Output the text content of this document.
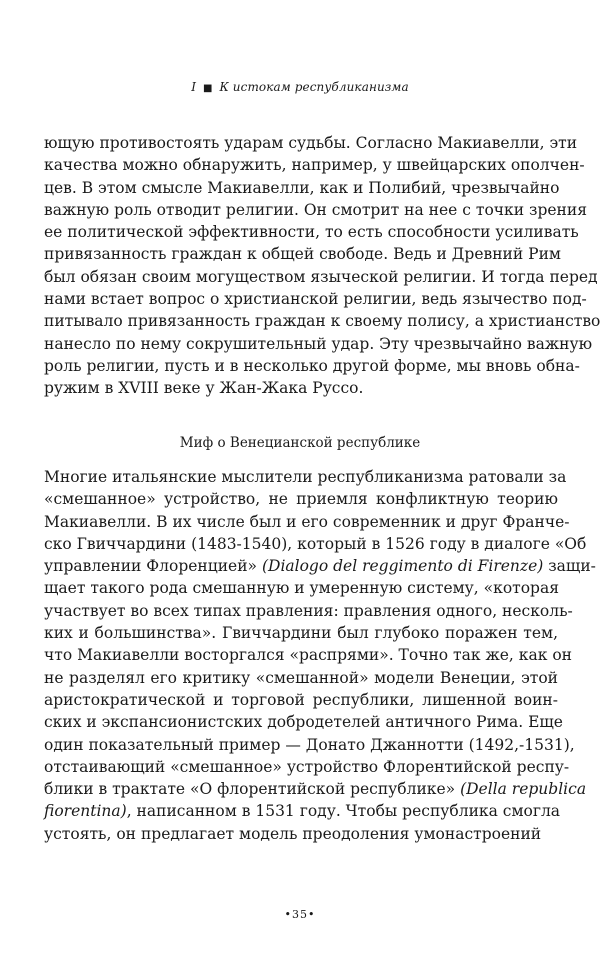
I ■ К истокам республиканизма
ющую противостоять ударам судьбы. Согласно Макиавелли, эти
качества можно обнаружить, например, у швейцарских ополчен-
цев. В этом смысле Макиавелли, как и Полибий, чрезвычайно
важную роль отводит религии. Он смотрит на нее с точки зрения
ее политической эффективности, то есть способности усиливать
привязанность граждан к общей свободе. Ведь и Древний Рим
был обязан своим могуществом языческой религии. И тогда перед
нами встает вопрос о христианской религии, ведь язычество под-
питывало привязанность граждан к своему полису, а христианство
нанесло по нему сокрушительный удар. Эту чрезвычайно важную
роль религии, пусть и в несколько другой форме, мы вновь обна-
ружим в XVIII веке у Жан-Жака Руссо.
Миф о Венецианской республике
Многие итальянские мыслители республиканизма ратовали за
«смешанное» устройство, не приемля конфликтную теорию
Макиавелли. В их числе был и его современник и друг Франче-
ско Гвиччардини (1483-1540), который в 1526 году в диалоге «Об
управлении Флоренцией» (Dialogo del reggimento di Firenze) защи-
щает такого рода смешанную и умеренную систему, «которая
участвует во всех типах правления: правления одного, несколь-
ких и большинства». Гвиччардини был глубоко поражен тем,
что Макиавелли восторгался «распрями». Точно так же, как он
не разделял его критику «смешанной» модели Венеции, этой
аристократической и торговой республики, лишенной воин-
ских и экспансионистских добродетелей античного Рима. Еще
один показательный пример — Донато Джаннотти (1492,-1531),
отстаивающий «смешанное» устройство Флорентийской респу-
блики в трактате «О флорентийской республике» (Della republica
fiorentina), написанном в 1531 году. Чтобы республика смогла
устоять, он предлагает модель преодоления умонастроений
•35•
